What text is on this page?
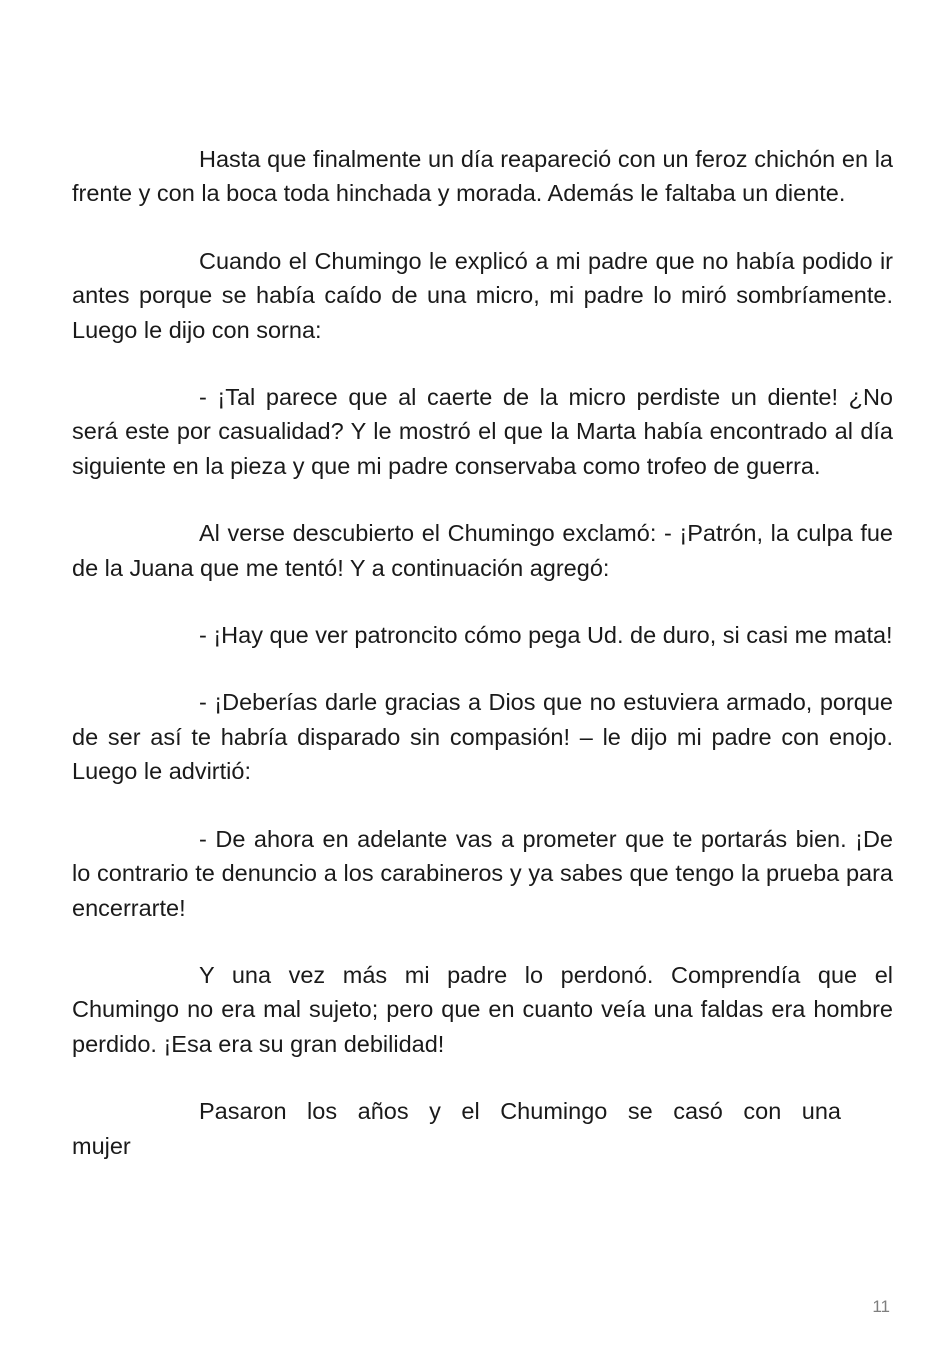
Hasta que finalmente un día reapareció con un feroz chichón en la frente y con la boca toda hinchada y morada. Además le faltaba un diente.

Cuando el Chumingo le explicó a mi padre que no había podido ir antes porque se había caído de una micro, mi padre lo miró sombríamente. Luego le dijo con sorna:

- ¡Tal parece que al caerte de la micro perdiste un diente! ¿No será este por casualidad? Y le mostró el que la Marta había encontrado al día siguiente en la pieza y que mi padre conservaba como trofeo de guerra.

Al verse descubierto el Chumingo exclamó: - ¡Patrón, la culpa fue de la Juana que me tentó! Y a continuación agregó:

- ¡Hay que ver patroncito cómo pega Ud. de duro, si casi me mata!

- ¡Deberías darle gracias a Dios que no estuviera armado, porque de ser así te habría disparado sin compasión! – le dijo mi padre con enojo. Luego le advirtió:

- De ahora en adelante vas a prometer que te portarás bien. ¡De lo contrario te denuncio a los carabineros y ya sabes que tengo la prueba para encerrarte!

Y una vez más mi padre lo perdonó. Comprendía que el Chumingo no era mal sujeto; pero que en cuanto veía una faldas era hombre perdido. ¡Esa era su gran debilidad!

Pasaron los años y el Chumingo se casó con una mujer

11
